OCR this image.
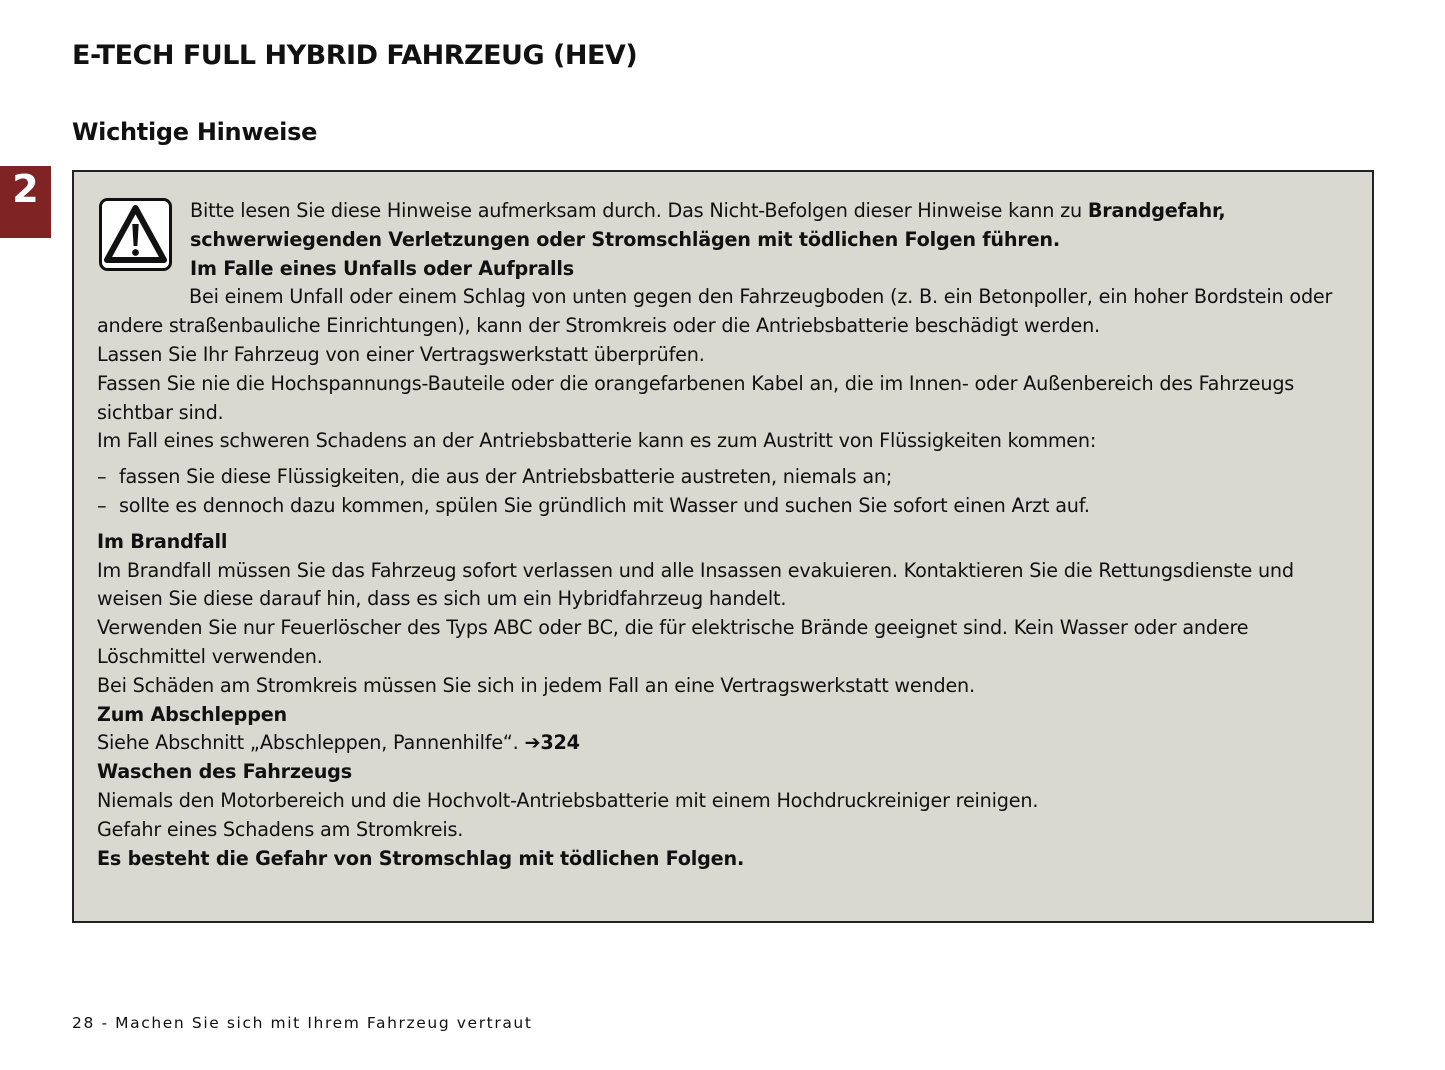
2
E-TECH FULL HYBRID FAHRZEUG (HEV)
Wichtige Hinweise

Bitte lesen Sie diese Hinweise aufmerksam durch. Das Nicht-Befolgen dieser Hinweise kann zu Brandgefahr, schwerwiegenden Verletzungen oder Stromschlägen mit tödlichen Folgen führen.

Im Falle eines Unfalls oder Aufpralls

Bei einem Unfall oder einem Schlag von unten gegen den Fahrzeugboden (z. B. ein Betonpoller, ein hoher Bordstein oder andere straßenbauliche Einrichtungen), kann der Stromkreis oder die Antriebsbatterie beschädigt werden.

Lassen Sie Ihr Fahrzeug von einer Vertragswerkstatt überprüfen.

Fassen Sie nie die Hochspannungs-Bauteile oder die orangefarbenen Kabel an, die im Innen- oder Außenbereich des Fahrzeugs sichtbar sind.

Im Fall eines schweren Schadens an der Antriebsbatterie kann es zum Austritt von Flüssigkeiten kommen:

– fassen Sie diese Flüssigkeiten, die aus der Antriebsbatterie austreten, niemals an;
– sollte es dennoch dazu kommen, spülen Sie gründlich mit Wasser und suchen Sie sofort einen Arzt auf.

Im Brandfall

Im Brandfall müssen Sie das Fahrzeug sofort verlassen und alle Insassen evakuieren. Kontaktieren Sie die Rettungsdienste und weisen Sie diese darauf hin, dass es sich um ein Hybridfahrzeug handelt.

Verwenden Sie nur Feuerlöscher des Typs ABC oder BC, die für elektrische Brände geeignet sind. Kein Wasser oder andere Löschmittel verwenden.

Bei Schäden am Stromkreis müssen Sie sich in jedem Fall an eine Vertragswerkstatt wenden.

Zum Abschleppen

Siehe Abschnitt „Abschleppen, Pannenhilfe“. ➔324

Waschen des Fahrzeugs

Niemals den Motorbereich und die Hochvolt-Antriebsbatterie mit einem Hochdruckreiniger reinigen.

Gefahr eines Schadens am Stromkreis.

Es besteht die Gefahr von Stromschlag mit tödlichen Folgen.

28 - Machen Sie sich mit Ihrem Fahrzeug vertraut
